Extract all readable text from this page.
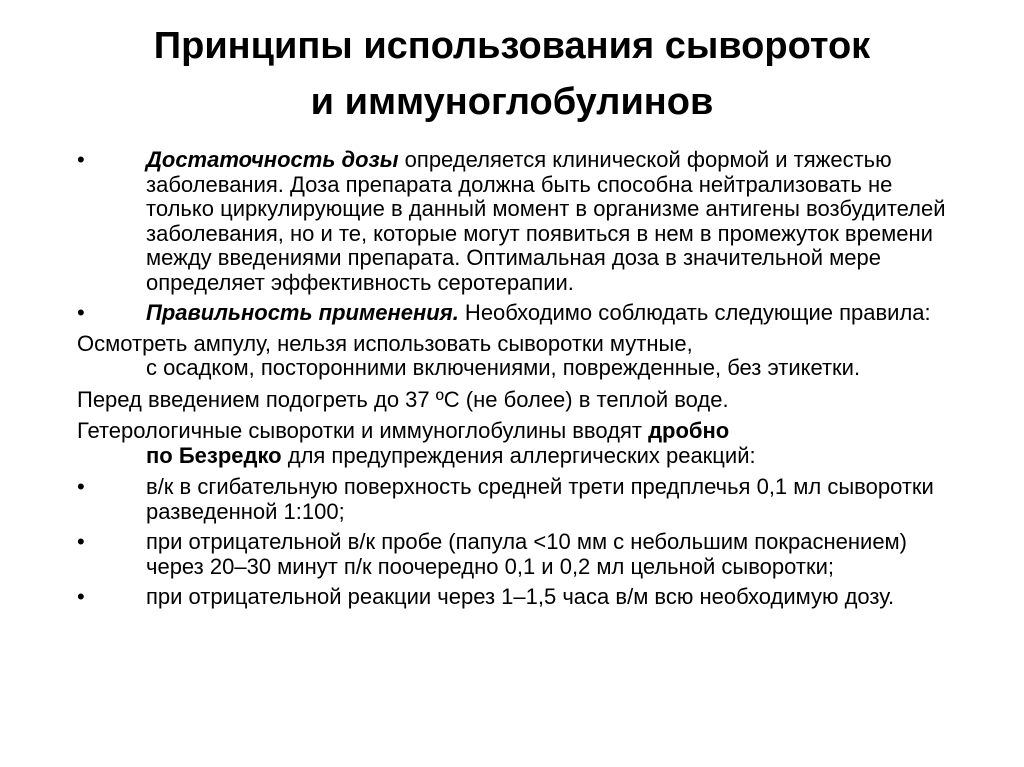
Принципы использования сывороток
и иммуноглобулинов
•	Достаточность дозы определяется клинической формой и тяжестью заболевания. Доза препарата должна быть способна нейтрализовать не только циркулирующие в данный момент в организме антигены возбудителей заболевания, но и те, которые могут появиться в нем в промежуток времени между введениями препарата. Оптимальная доза в значительной мере определяет эффективность серотерапии.
•	Правильность применения. Необходимо соблюдать следующие правила:
Осмотреть ампулу, нельзя использовать сыворотки мутные,
с осадком, посторонними включениями, поврежденные, без этикетки.
Перед введением подогреть до 37 ºС (не более) в теплой воде.
Гетерологичные сыворотки и иммуноглобулины вводят дробно
по Безредко для предупреждения аллергических реакций:
•	в/к в сгибательную поверхность средней трети предплечья 0,1 мл сыворотки разведенной 1:100;
•	при отрицательной в/к пробе (папула <10 мм с небольшим покраснением) через 20–30 минут п/к поочередно 0,1 и 0,2 мл цельной сыворотки;
•	при отрицательной реакции через 1–1,5 часа в/м всю необходимую дозу.
